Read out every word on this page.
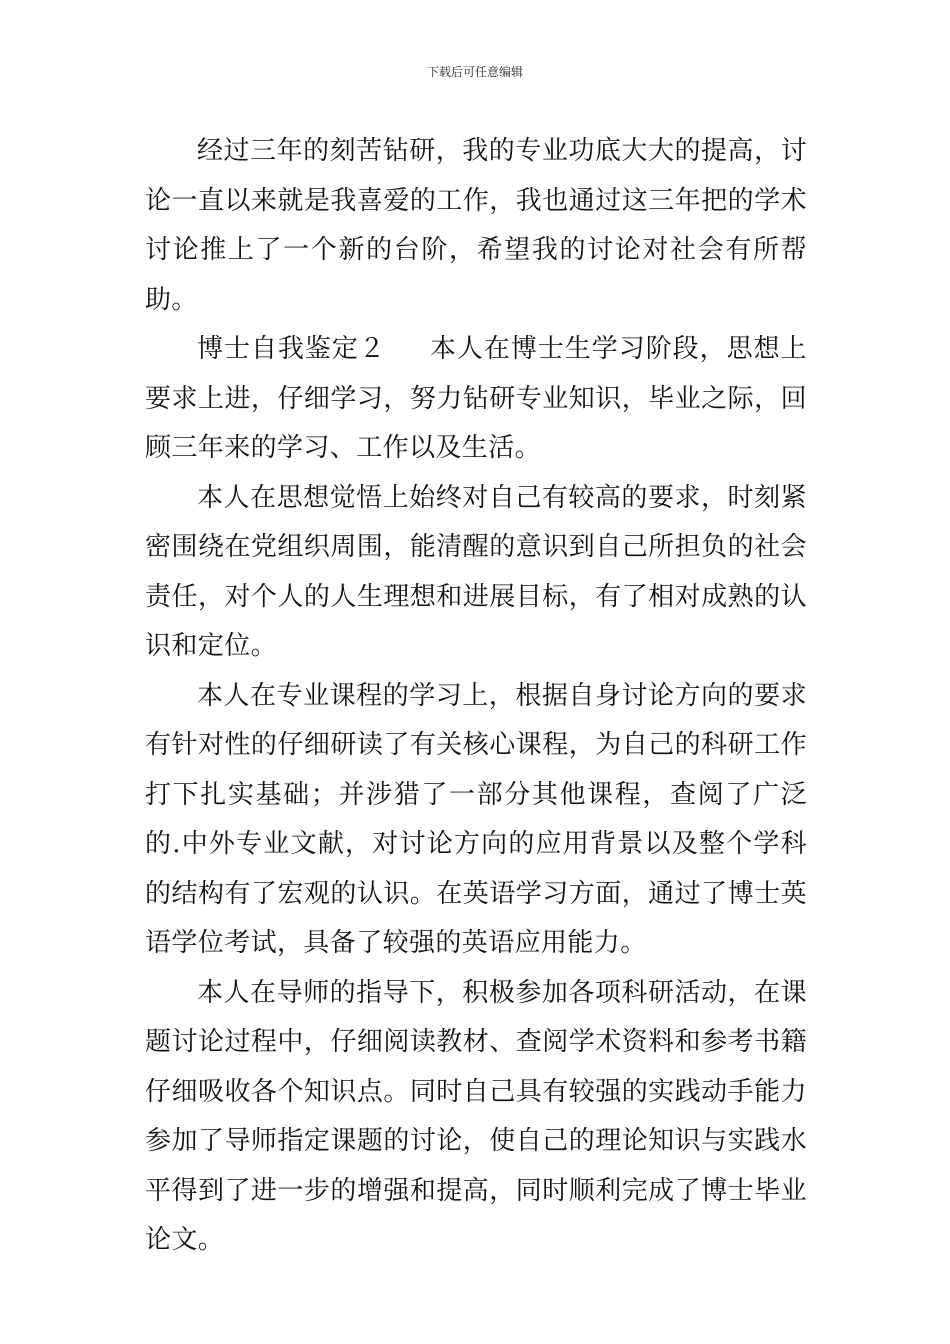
下载后可任意编辑

经过三年的刻苦钻研，我的专业功底大大的提高，讨论一直以来就是我喜爱的工作，我也通过这三年把的学术讨论推上了一个新的台阶，希望我的讨论对社会有所帮助。

博士自我鉴定２ 本人在博士生学习阶段，思想上要求上进，仔细学习，努力钻研专业知识，毕业之际，回顾三年来的学习、工作以及生活。

本人在思想觉悟上始终对自己有较高的要求，时刻紧密围绕在党组织周围，能清醒的意识到自己所担负的社会责任，对个人的人生理想和进展目标，有了相对成熟的认识和定位。

本人在专业课程的学习上，根据自身讨论方向的要求有针对性的仔细研读了有关核心课程，为自己的科研工作打下扎实基础；并涉猎了一部分其他课程，查阅了广泛的.中外专业文献，对讨论方向的应用背景以及整个学科的结构有了宏观的认识。在英语学习方面，通过了博士英语学位考试，具备了较强的英语应用能力。

本人在导师的指导下，积极参加各项科研活动，在课题讨论过程中，仔细阅读教材、查阅学术资料和参考书籍仔细吸收各个知识点。同时自己具有较强的实践动手能力参加了导师指定课题的讨论，使自己的理论知识与实践水平得到了进一步的增强和提高，同时顺利完成了博士毕业论文。
